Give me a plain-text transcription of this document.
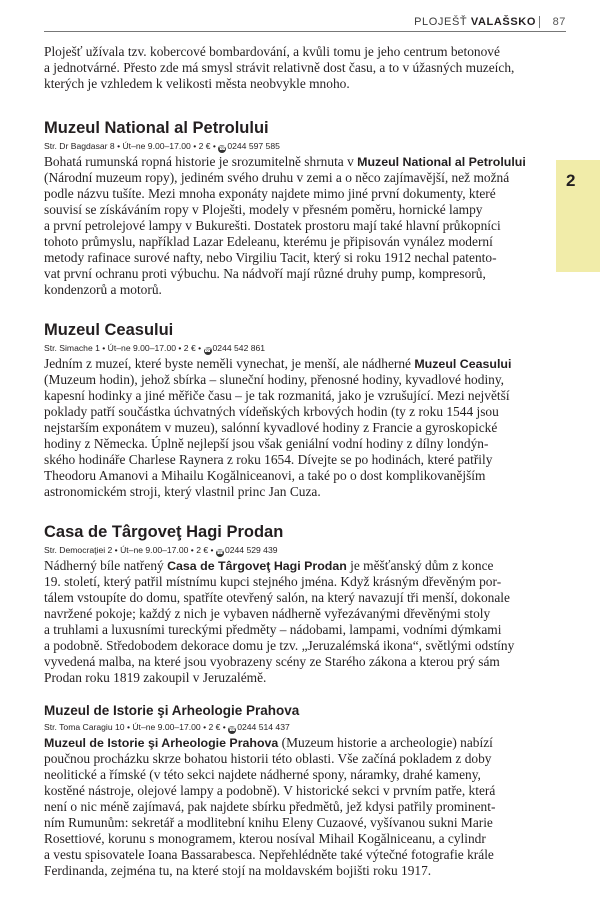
PLOJEŠŤ VALAŠSKO	87
2

Ploješť užívala tzv. kobercové bombardování, a kvůli tomu je jeho centrum betonové
a jednotvárné. Přesto zde má smysl strávit relativně dost času, a to v úžasných muzeích,
kterých je vzhledem k velikosti města neobvykle mnoho.

Muzeul National al Petrolului
Str. Dr Bagdasar 8 • Út–ne 9.00–17.00 • 2 € • ☎0244 597 585

Bohatá rumunská ropná historie je srozumitelně shrnuta v Muzeul National al Petrolului
(Národní muzeum ropy), jediném svého druhu v zemi a o něco zajímavější, než možná
podle názvu tušíte. Mezi mnoha exponáty najdete mimo jiné první dokumenty, které
souvisí se získáváním ropy v Ploješti, modely v přesném poměru, hornické lampy
a první petrolejové lampy v Bukurešti. Dostatek prostoru mají také hlavní průkopníci
tohoto průmyslu, například Lazar Edeleanu, kterému je připisován vynález moderní
metody rafinace surové nafty, nebo Virgiliu Tacit, který si roku 1912 nechal patento-
vat první ochranu proti výbuchu. Na nádvoří mají různé druhy pump, kompresorů,
kondenzorů a motorů.

Muzeul Ceasului
Str. Simache 1 • Út–ne 9.00–17.00 • 2 € • ☎0244 542 861

Jedním z muzeí, které byste neměli vynechat, je menší, ale nádherné Muzeul Ceasului
(Muzeum hodin), jehož sbírka – sluneční hodiny, přenosné hodiny, kyvadlové hodiny,
kapesní hodinky a jiné měřiče času – je tak rozmanitá, jako je vzrušující. Mezi největší
poklady patří součástka úchvatných vídeňských krbových hodin (ty z roku 1544 jsou
nejstarším exponátem v muzeu), salónní kyvadlové hodiny z Francie a gyroskopické
hodiny z Německa. Úplně nejlepší jsou však geniální vodní hodiny z dílny londýn-
ského hodináře Charlese Raynera z roku 1654. Dívejte se po hodinách, které patřily
Theodoru Amanovi a Mihailu Kogălniceanovi, a také po o dost komplikovanějším
astronomickém stroji, který vlastnil princ Jan Cuza.

Casa de Târgoveţ Hagi Prodan
Str. Democraţiei 2 • Út–ne 9.00–17.00 • 2 € • ☎0244 529 439

Nádherný bíle natřený Casa de Târgoveţ Hagi Prodan je měšťanský dům z konce
19. století, který patřil místnímu kupci stejného jména. Když krásným dřevěným por-
tálem vstoupíte do domu, spatříte otevřený salón, na který navazují tři menší, dokonale
navržené pokoje; každý z nich je vybaven nádherně vyřezávanými dřevěnými stoly
a truhlami a luxusními tureckými předměty – nádobami, lampami, vodními dýmkami
a podobně. Středobodem dekorace domu je tzv. „Jeruzalémská ikona“, světlými odstíny
vyvedená malba, na které jsou vyobrazeny scény ze Starého zákona a kterou prý sám
Prodan roku 1819 zakoupil v Jeruzalémě.

Muzeul de Istorie şi Arheologie Prahova
Str. Toma Caragiu 10 • Út–ne 9.00–17.00 • 2 € • ☎0244 514 437

Muzeul de Istorie şi Arheologie Prahova (Muzeum historie a archeologie) nabízí
poučnou procházku skrze bohatou historii této oblasti. Vše začíná pokladem z doby
neolitické a římské (v této sekci najdete nádherné spony, náramky, drahé kameny,
kostěné nástroje, olejové lampy a podobně). V historické sekci v prvním patře, která
není o nic méně zajímavá, pak najdete sbírku předmětů, jež kdysi patřily prominent-
ním Rumunům: sekretář a modlitební knihu Eleny Cuzaové, vyšívanou sukni Marie
Rosettiové, korunu s monogramem, kterou nosíval Mihail Kogălniceanu, a cylindr
a vestu spisovatele Ioana Bassarabesca. Nepřehlédněte také výtečné fotografie krále
Ferdinanda, zejména tu, na které stojí na moldavském bojišti roku 1917.
